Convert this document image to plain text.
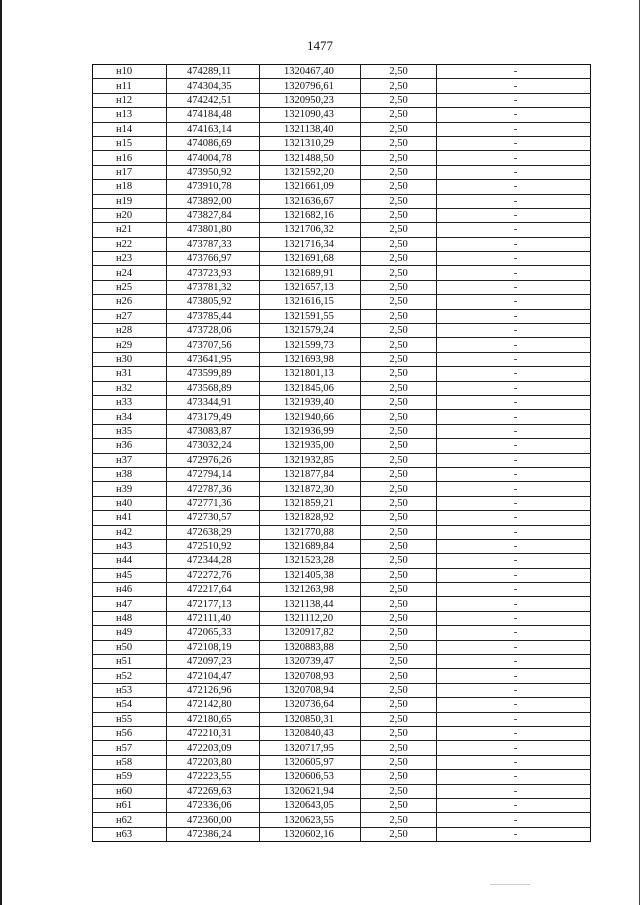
1477
н10	474289,11	1320467,40	2,50	-
н11	474304,35	1320796,61	2,50	-
н12	474242,51	1320950,23	2,50	-
н13	474184,48	1321090,43	2,50	-
н14	474163,14	1321138,40	2,50	-
н15	474086,69	1321310,29	2,50	-
н16	474004,78	1321488,50	2,50	-
н17	473950,92	1321592,20	2,50	-
н18	473910,78	1321661,09	2,50	-
н19	473892,00	1321636,67	2,50	-
н20	473827,84	1321682,16	2,50	-
н21	473801,80	1321706,32	2,50	-
н22	473787,33	1321716,34	2,50	-
н23	473766,97	1321691,68	2,50	-
н24	473723,93	1321689,91	2,50	-
н25	473781,32	1321657,13	2,50	-
н26	473805,92	1321616,15	2,50	-
н27	473785,44	1321591,55	2,50	-
н28	473728,06	1321579,24	2,50	-
н29	473707,56	1321599,73	2,50	-
н30	473641,95	1321693,98	2,50	-
н31	473599,89	1321801,13	2,50	-
н32	473568,89	1321845,06	2,50	-
н33	473344,91	1321939,40	2,50	-
н34	473179,49	1321940,66	2,50	-
н35	473083,87	1321936,99	2,50	-
н36	473032,24	1321935,00	2,50	-
н37	472976,26	1321932,85	2,50	-
н38	472794,14	1321877,84	2,50	-
н39	472787,36	1321872,30	2,50	-
н40	472771,36	1321859,21	2,50	-
н41	472730,57	1321828,92	2,50	-
н42	472638,29	1321770,88	2,50	-
н43	472510,92	1321689,84	2,50	-
н44	472344,28	1321523,28	2,50	-
н45	472272,76	1321405,38	2,50	-
н46	472217,64	1321263,98	2,50	-
н47	472177,13	1321138,44	2,50	-
н48	472111,40	1321112,20	2,50	-
н49	472065,33	1320917,82	2,50	-
н50	472108,19	1320883,88	2,50	-
н51	472097,23	1320739,47	2,50	-
н52	472104,47	1320708,93	2,50	-
н53	472126,96	1320708,94	2,50	-
н54	472142,80	1320736,64	2,50	-
н55	472180,65	1320850,31	2,50	-
н56	472210,31	1320840,43	2,50	-
н57	472203,09	1320717,95	2,50	-
н58	472203,80	1320605,97	2,50	-
н59	472223,55	1320606,53	2,50	-
н60	472269,63	1320621,94	2,50	-
н61	472336,06	1320643,05	2,50	-
н62	472360,00	1320623,55	2,50	-
н63	472386,24	1320602,16	2,50	-
